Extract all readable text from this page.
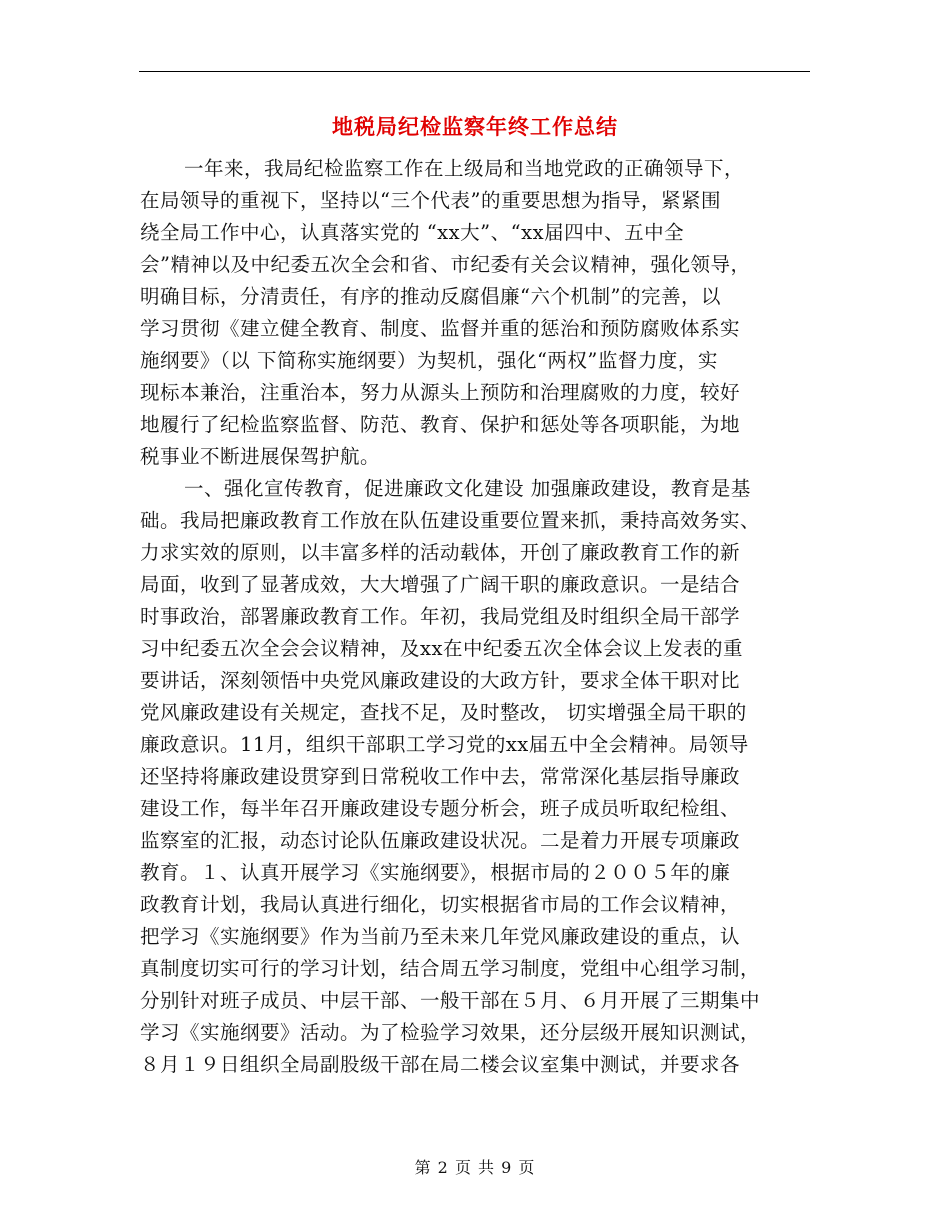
地税局纪检监察年终工作总结
一年来，我局纪检监察工作在上级局和当地党政的正确领导下，
在局领导的重视下，坚持以“三个代表”的重要思想为指导，紧紧围
绕全局工作中心，认真落实党的 “xx大”、“xx届四中、五中全
会”精神以及中纪委五次全会和省、市纪委有关会议精神，强化领导，
明确目标，分清责任，有序的推动反腐倡廉“六个机制”的完善，以
学习贯彻《建立健全教育、制度、监督并重的惩治和预防腐败体系实
施纲要》（以 下简称实施纲要）为契机，强化“两权”监督力度，实
现标本兼治，注重治本，努力从源头上预防和治理腐败的力度，较好
地履行了纪检监察监督、防范、教育、保护和惩处等各项职能，为地
税事业不断进展保驾护航。
一、强化宣传教育，促进廉政文化建设 加强廉政建设，教育是基
础。我局把廉政教育工作放在队伍建设重要位置来抓，秉持高效务实、
力求实效的原则，以丰富多样的活动载体，开创了廉政教育工作的新
局面，收到了显著成效，大大增强了广阔干职的廉政意识。一是结合
时事政治，部署廉政教育工作。年初，我局党组及时组织全局干部学
习中纪委五次全会会议精神，及xx在中纪委五次全体会议上发表的重
要讲话，深刻领悟中央党风廉政建设的大政方针，要求全体干职对比
党风廉政建设有关规定，查找不足，及时整改， 切实增强全局干职的
廉政意识。11月，组织干部职工学习党的xx届五中全会精神。局领导
还坚持将廉政建设贯穿到日常税收工作中去，常常深化基层指导廉政
建设工作，每半年召开廉政建设专题分析会，班子成员听取纪检组、
监察室的汇报，动态讨论队伍廉政建设状况。二是着力开展专项廉政
教育。１、认真开展学习《实施纲要》，根据市局的２００５年的廉
政教育计划，我局认真进行细化，切实根据省市局的工作会议精神，
把学习《实施纲要》作为当前乃至未来几年党风廉政建设的重点，认
真制度切实可行的学习计划，结合周五学习制度，党组中心组学习制，
分别针对班子成员、中层干部、一般干部在５月、６月开展了三期集中
学习《实施纲要》活动。为了检验学习效果，还分层级开展知识测试，
８月１９日组织全局副股级干部在局二楼会议室集中测试，并要求各
第 2 页 共 9 页
